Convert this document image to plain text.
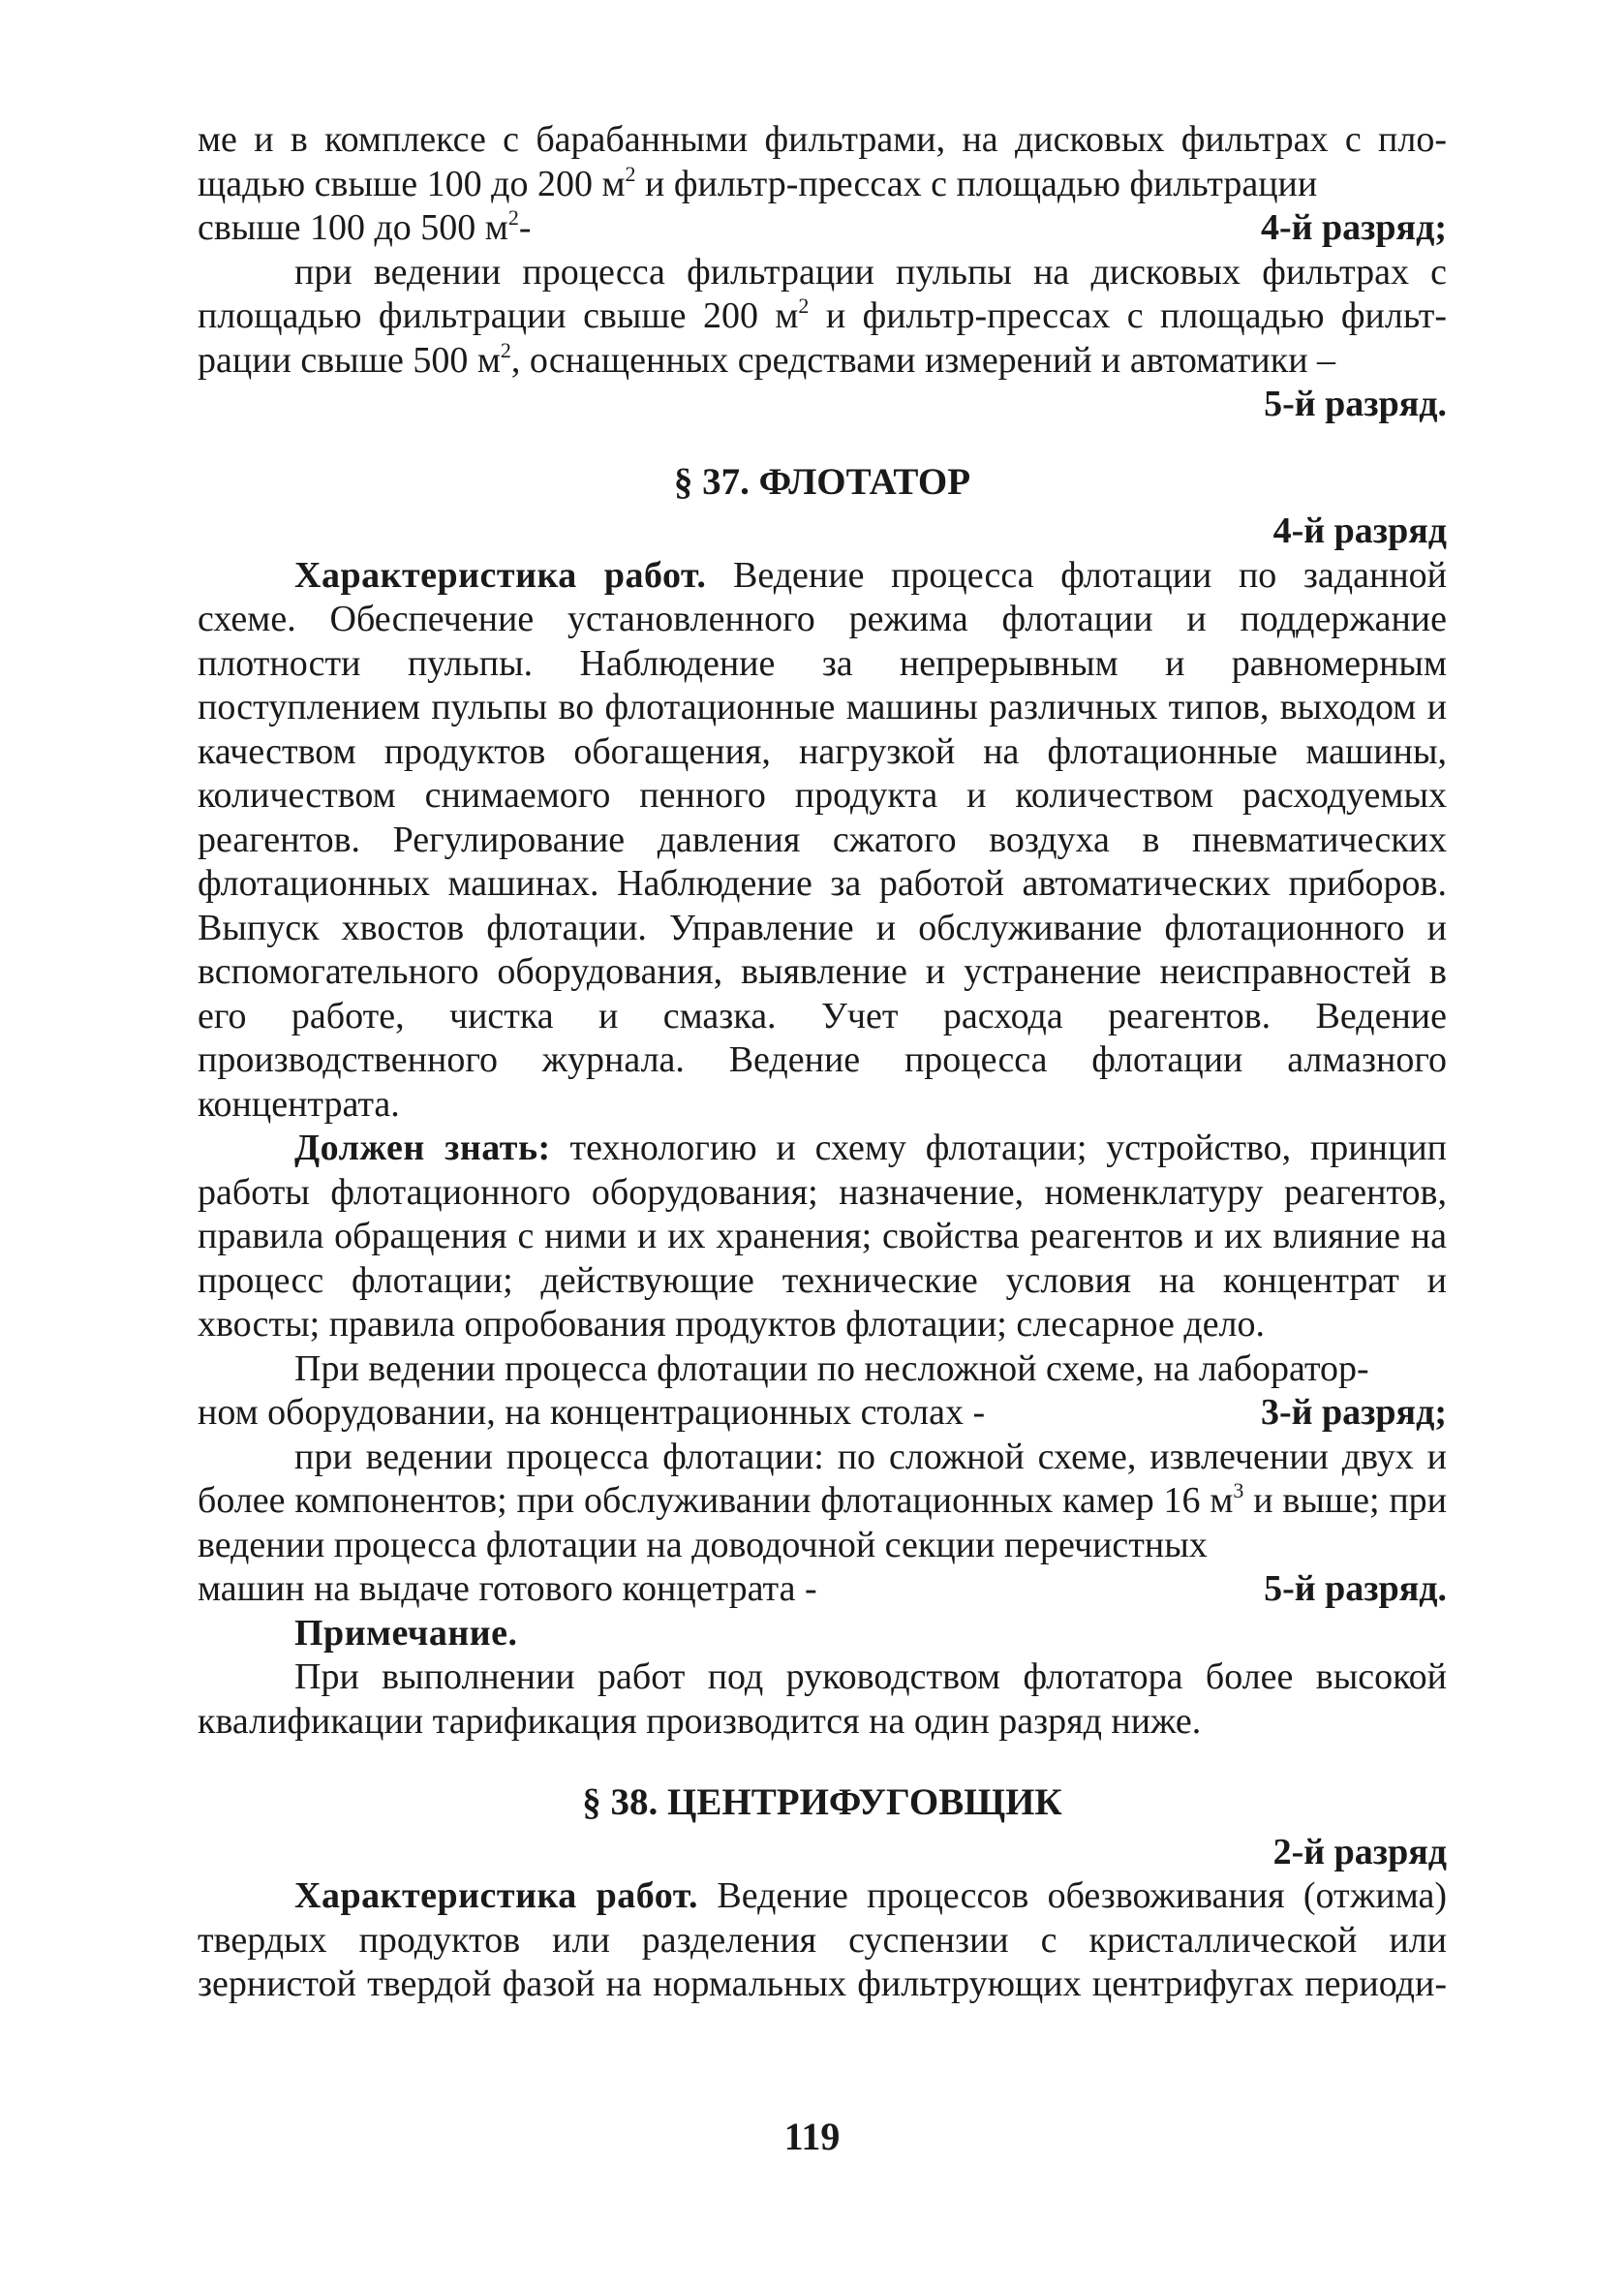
ме и в комплексе с барабанными фильтрами, на дисковых фильтрах с пло- щадью свыше 100 до 200 $м^2$ и фильтр-прессах с площадью фильтрации

свыше 100 до 500 $м^2-$	4-й разряд;

при ведении процесса фильтрации пульпы на дисковых фильтрах с площадью фильтрации свыше 200 $м^2$ и фильтр-прессах с площадью фильт-рации свыше 500 $м^2$, оснащенных средствами измерений и автоматики –

5-й разряд.

§ 37. ФЛОТАТОР

4-й разряд

Характеристика работ. Ведение процесса флотации по заданной схеме. Обеспечение установленного режима флотации и поддержание плотности пульпы. Наблюдение за непрерывным и равномерным поступлением пульпы во флотационные машины различных типов, выходом и качеством продуктов обогащения, нагрузкой на флотационные машины, количеством снимаемого пенного продукта и количеством расходуемых реагентов. Регулирование давления сжатого воздуха в пневматических флотационных машинах. Наблюдение за работой автоматических приборов. Выпуск хвостов флотации. Управление и обслуживание флотационного и вспомогательного оборудования, выявление и устранение неисправностей в его работе, чистка и смазка. Учет расхода реагентов. Ведение производственного журнала. Ведение процесса флотации алмазного концентрата.

Должен знать: технологию и схему флотации; устройство, принцип работы флотационного оборудования; назначение, номенклатуру реагентов, правила обращения с ними и их хранения; свойства реагентов и их влияние на процесс флотации; действующие технические условия на концентрат и хвосты; правила опробования продуктов флотации; слесарное дело.

При ведении процесса флотации по несложной схеме, на лаборатор-

ном оборудовании, на концентрационных столах -	3-й разряд;

при ведении процесса флотации: по сложной схеме, извлечении двух и более компонентов; при обслуживании флотационных камер 16 $м^3$ и выше; при ведении процесса флотации на доводочной секции перечистных

машин на выдаче готового концетрата -	5-й разряд.

Примечание.

При выполнении работ под руководством флотатора более высокой квалификации тарификация производится на один разряд ниже.

§ 38. ЦЕНТРИФУГОВЩИК

2-й разряд

Характеристика работ. Ведение процессов обезвоживания (отжима) твердых продуктов или разделения суспензии с кристаллической или зернистой твердой фазой на нормальных фильтрующих центрифугах периоди-

119
